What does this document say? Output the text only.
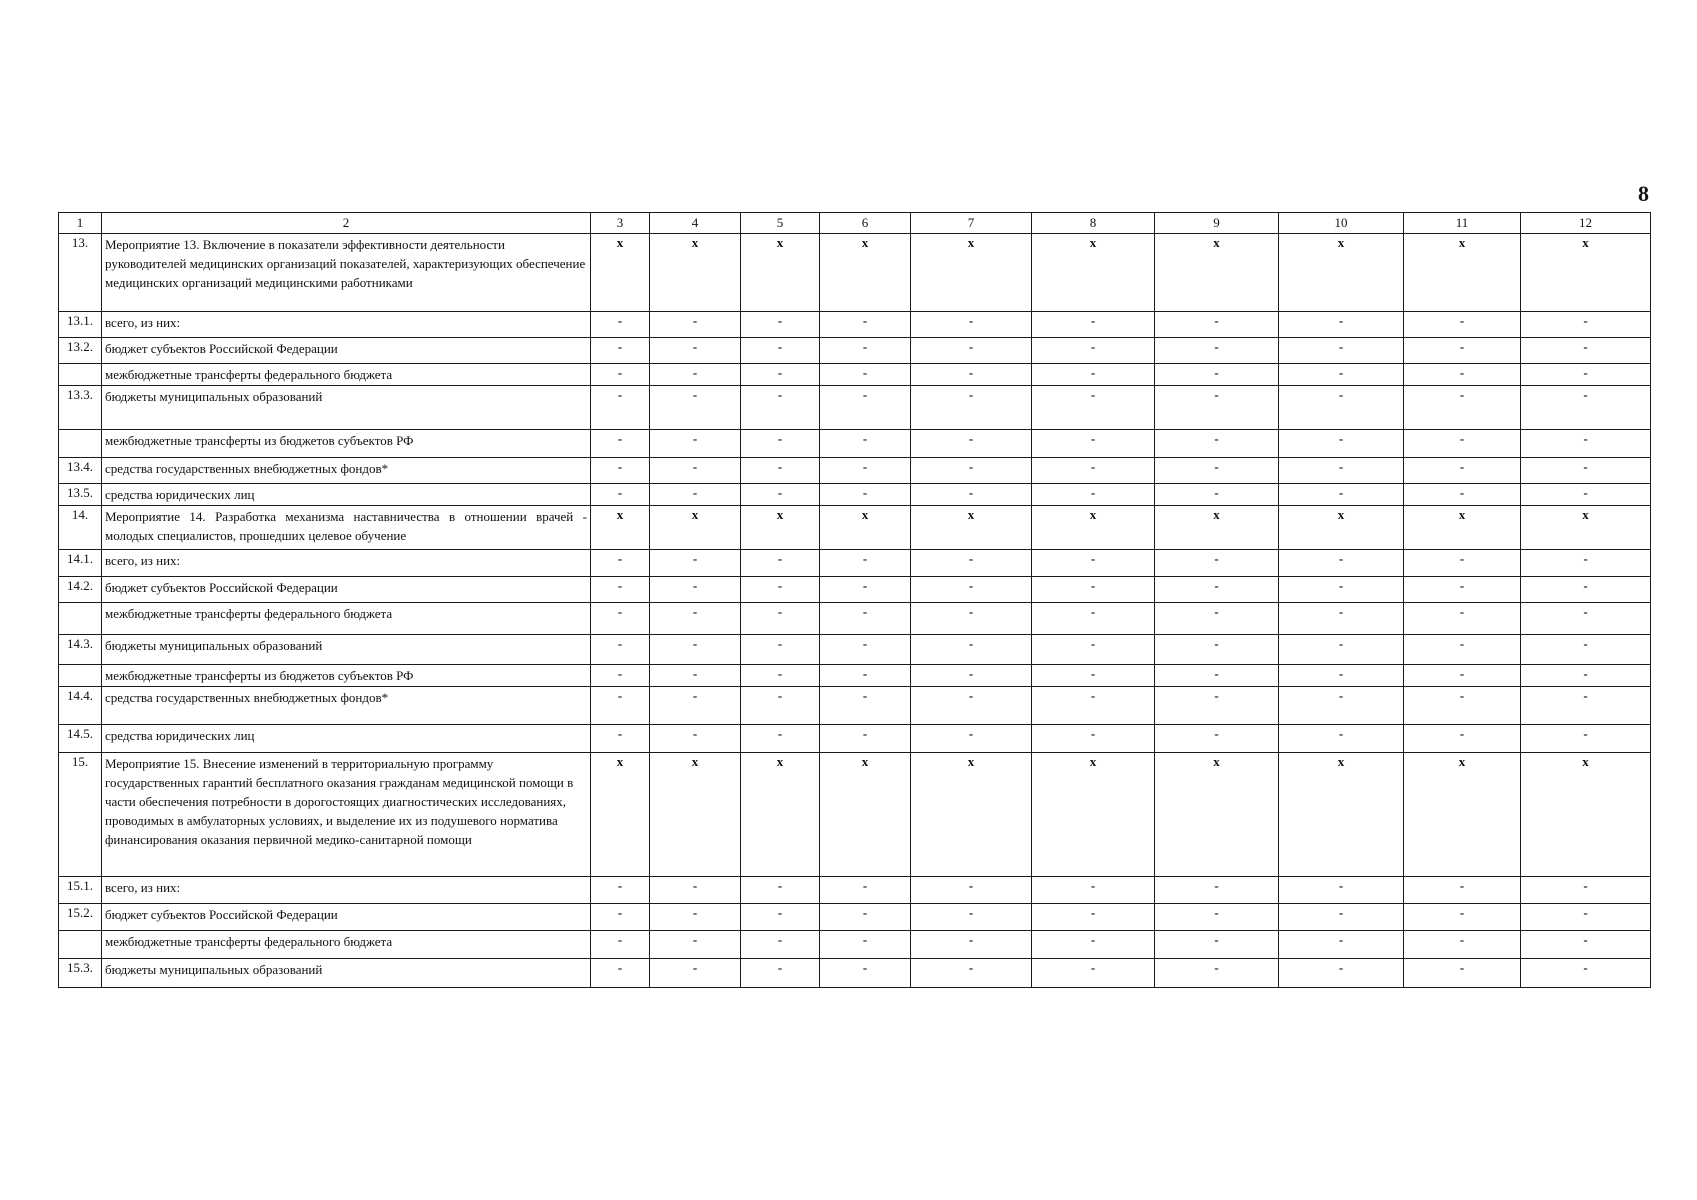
8
1	2	3	4	5	6	7	8	9	10	11	12
13.	Мероприятие 13. Включение в показатели эффективности деятельности руководителей медицинских организаций показателей, характеризующих обеспечение медицинских организаций медицинскими работниками	x	x	x	x	x	x	x	x	x	x
13.1.	всего, из них:	-	-	-	-	-	-	-	-	-	-
13.2.	бюджет субъектов Российской Федерации	-	-	-	-	-	-	-	-	-	-
	межбюджетные трансферты федерального бюджета	-	-	-	-	-	-	-	-	-	-
13.3.	бюджеты муниципальных образований	-	-	-	-	-	-	-	-	-	-
	межбюджетные трансферты из бюджетов субъектов РФ	-	-	-	-	-	-	-	-	-	-
13.4.	средства государственных внебюджетных фондов*	-	-	-	-	-	-	-	-	-	-
13.5.	средства юридических лиц	-	-	-	-	-	-	-	-	-	-
14.	Мероприятие 14. Разработка механизма наставничества в отношении врачей - молодых специалистов, прошедших целевое обучение	x	x	x	x	x	x	x	x	x	x
14.1.	всего, из них:	-	-	-	-	-	-	-	-	-	-
14.2.	бюджет субъектов Российской Федерации	-	-	-	-	-	-	-	-	-	-
	межбюджетные трансферты федерального бюджета	-	-	-	-	-	-	-	-	-	-
14.3.	бюджеты муниципальных образований	-	-	-	-	-	-	-	-	-	-
	межбюджетные трансферты из бюджетов субъектов РФ	-	-	-	-	-	-	-	-	-	-
14.4.	средства государственных внебюджетных фондов*	-	-	-	-	-	-	-	-	-	-
14.5.	средства юридических лиц	-	-	-	-	-	-	-	-	-	-
15.	Мероприятие 15. Внесение изменений в территориальную программу государственных гарантий бесплатного оказания гражданам медицинской помощи в части обеспечения потребности в дорогостоящих диагностических исследованиях, проводимых в амбулаторных условиях, и выделение их из подушевого норматива финансирования оказания первичной медико-санитарной помощи	x	x	x	x	x	x	x	x	x	x
15.1.	всего, из них:	-	-	-	-	-	-	-	-	-	-
15.2.	бюджет субъектов Российской Федерации	-	-	-	-	-	-	-	-	-	-
	межбюджетные трансферты федерального бюджета	-	-	-	-	-	-	-	-	-	-
15.3.	бюджеты муниципальных образований	-	-	-	-	-	-	-	-	-	-
